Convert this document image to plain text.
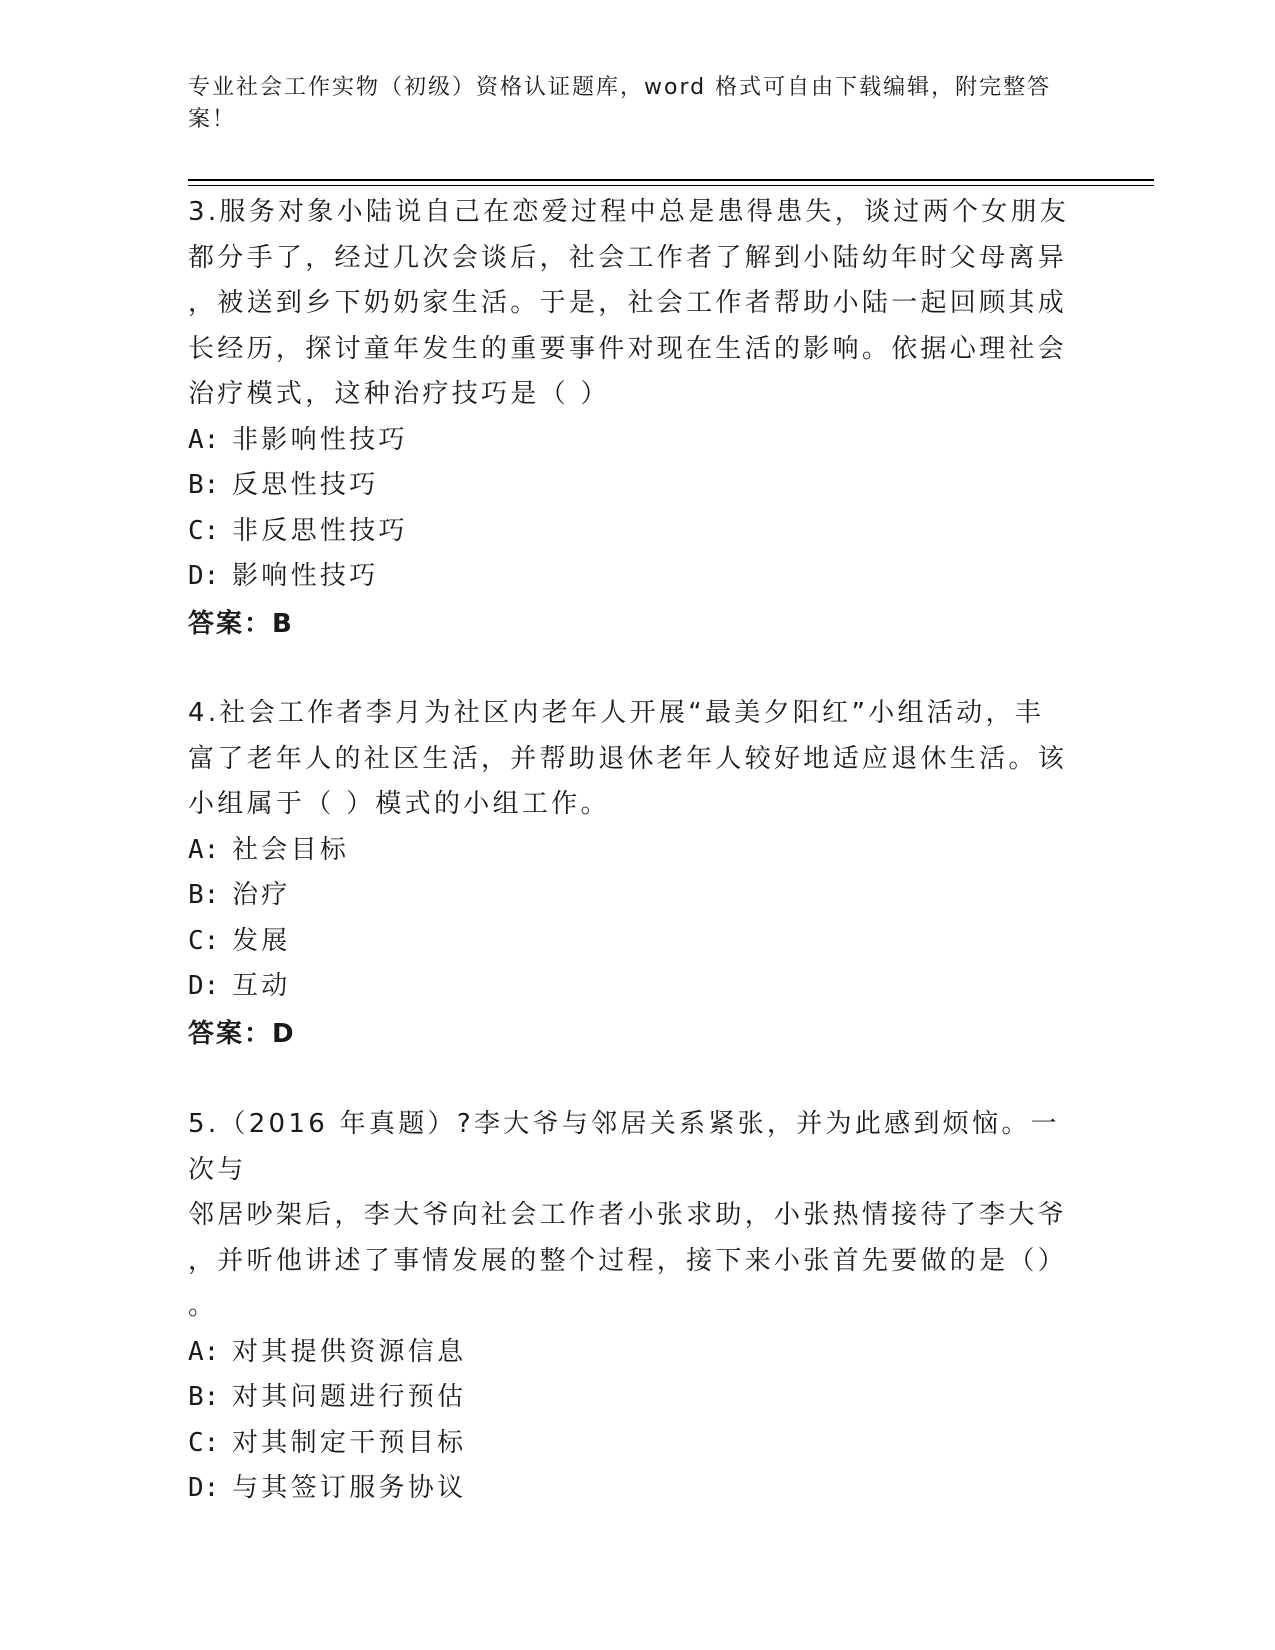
专业社会工作实物（初级）资格认证题库，word 格式可自由下载编辑，附完整答案！

3.服务对象小陆说自己在恋爱过程中总是患得患失，谈过两个女朋友
都分手了，经过几次会谈后，社会工作者了解到小陆幼年时父母离异
，被送到乡下奶奶家生活。于是，社会工作者帮助小陆一起回顾其成
长经历，探讨童年发生的重要事件对现在生活的影响。依据心理社会
治疗模式，这种治疗技巧是（ ）

A: 非影响性技巧
B: 反思性技巧
C: 非反思性技巧
D: 影响性技巧
答案：B

4.社会工作者李月为社区内老年人开展“最美夕阳红”小组活动，丰
富了老年人的社区生活，并帮助退休老年人较好地适应退休生活。该
小组属于（ ）模式的小组工作。

A: 社会目标
B: 治疗
C: 发展
D: 互动
答案：D

5.（2016 年真题）?李大爷与邻居关系紧张，并为此感到烦恼。一次与
邻居吵架后，李大爷向社会工作者小张求助，小张热情接待了李大爷
，并听他讲述了事情发展的整个过程，接下来小张首先要做的是（）
。

A: 对其提供资源信息
B: 对其问题进行预估
C: 对其制定干预目标
D: 与其签订服务协议
